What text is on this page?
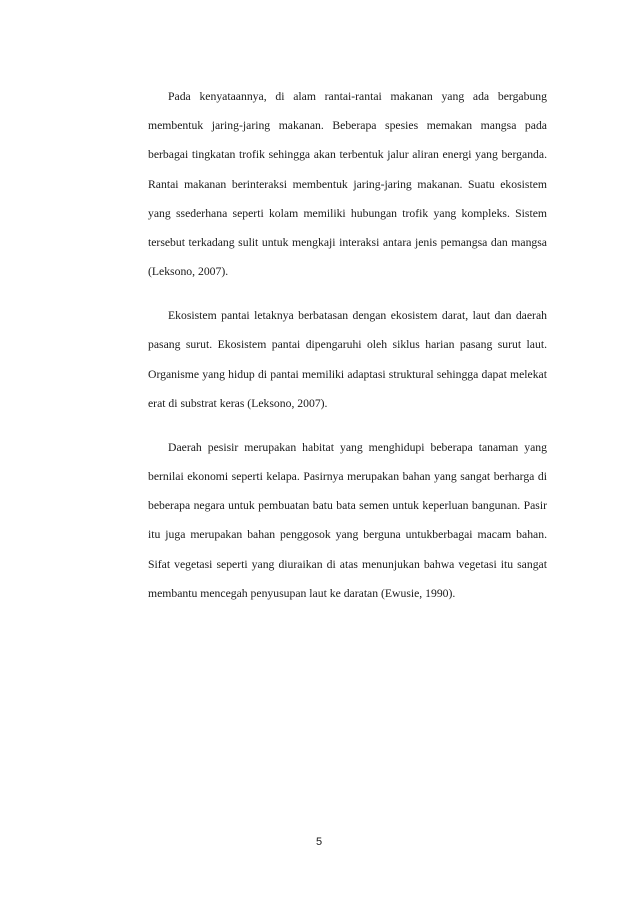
Pada kenyataannya, di alam rantai-rantai makanan yang ada bergabung membentuk jaring-jaring makanan. Beberapa spesies memakan mangsa pada berbagai tingkatan trofik sehingga akan terbentuk jalur aliran energi yang berganda. Rantai makanan berinteraksi membentuk jaring-jaring makanan. Suatu ekosistem yang ssederhana seperti kolam memiliki hubungan trofik yang kompleks. Sistem tersebut terkadang sulit untuk mengkaji interaksi antara jenis pemangsa dan mangsa (Leksono, 2007).

Ekosistem pantai letaknya berbatasan dengan ekosistem darat, laut dan daerah pasang surut. Ekosistem pantai dipengaruhi oleh siklus harian pasang surut laut. Organisme yang hidup di pantai memiliki adaptasi struktural sehingga dapat melekat erat di substrat keras (Leksono, 2007).

Daerah pesisir merupakan habitat yang menghidupi beberapa tanaman yang bernilai ekonomi seperti kelapa. Pasirnya merupakan bahan yang sangat berharga di beberapa negara untuk pembuatan batu bata semen untuk keperluan bangunan. Pasir itu juga merupakan bahan penggosok yang berguna untukberbagai macam bahan. Sifat vegetasi seperti yang diuraikan di atas menunjukan bahwa vegetasi itu sangat membantu mencegah penyusupan laut ke daratan (Ewusie, 1990).

5
